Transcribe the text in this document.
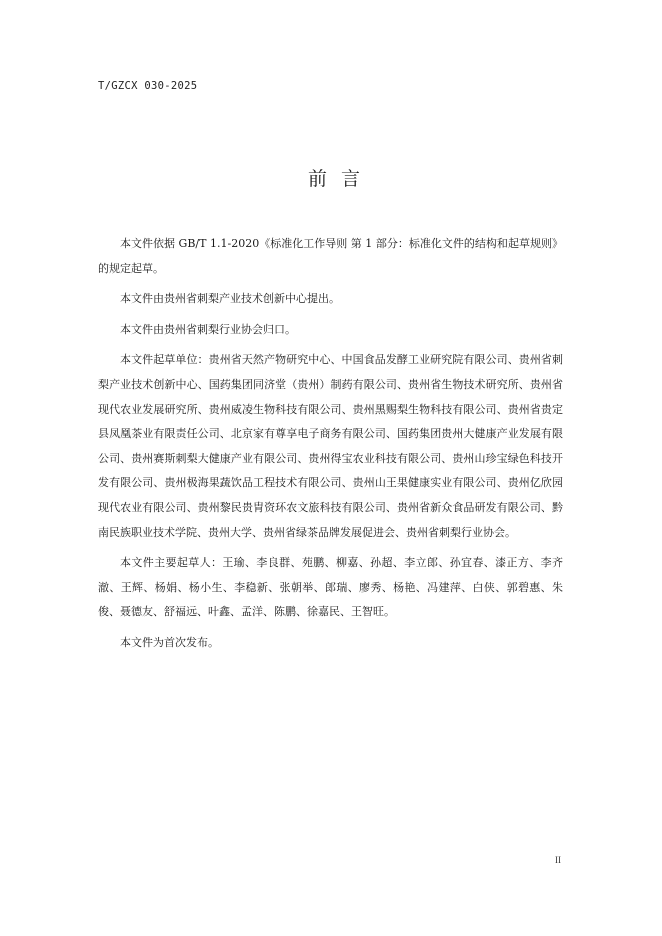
T/GZCX 030-2025
前言

本文件依据 GB/T 1.1-2020《标准化工作导则 第 1 部分：标准化文件的结构和起草规则》的规定起草。

本文件由贵州省刺梨产业技术创新中心提出。

本文件由贵州省刺梨行业协会归口。

本文件起草单位：贵州省天然产物研究中心、中国食品发酵工业研究院有限公司、贵州省刺梨产业技术创新中心、国药集团同济堂（贵州）制药有限公司、贵州省生物技术研究所、贵州省现代农业发展研究所、贵州威凌生物科技有限公司、贵州黑赐梨生物科技有限公司、贵州省贵定县凤凰茶业有限责任公司、北京家有尊享电子商务有限公司、国药集团贵州大健康产业发展有限公司、贵州赛斯刺梨大健康产业有限公司、贵州得宝农业科技有限公司、贵州山珍宝绿色科技开发有限公司、贵州极海果蔬饮品工程技术有限公司、贵州山王果健康实业有限公司、贵州亿欣园现代农业有限公司、贵州黎民贵胄资环农文旅科技有限公司、贵州省新众食品研发有限公司、黔南民族职业技术学院、贵州大学、贵州省绿茶品牌发展促进会、贵州省刺梨行业协会。

本文件主要起草人：王瑜、李良群、苑鹏、柳嘉、孙超、李立郎、孙宜春、漆正方、李齐澈、王辉、杨娟、杨小生、李稳新、张朝举、郎瑞、廖秀、杨艳、冯建萍、白侠、郭碧惠、朱俊、聂德友、舒福远、叶鑫、孟洋、陈鹏、徐嘉民、王智旺。

本文件为首次发布。

II
